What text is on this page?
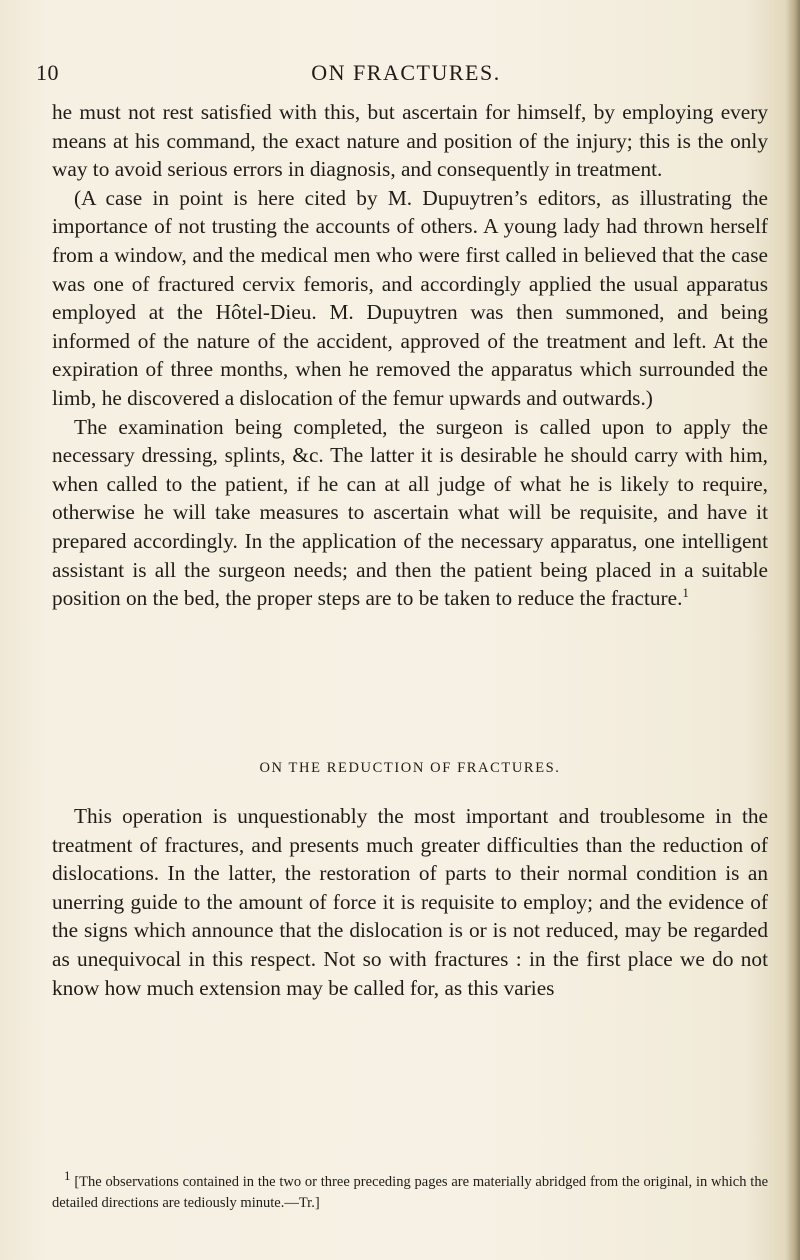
10	ON FRACTURES.

he must not rest satisfied with this, but ascertain for himself, by employing every means at his command, the exact nature and position of the injury; this is the only way to avoid serious errors in diagnosis, and consequently in treatment.

(A case in point is here cited by M. Dupuytren’s editors, as illustrating the importance of not trusting the accounts of others. A young lady had thrown herself from a window, and the medical men who were first called in believed that the case was one of fractured cervix femoris, and accordingly applied the usual apparatus employed at the Hôtel-Dieu. M. Dupuytren was then summoned, and being informed of the nature of the accident, approved of the treatment and left. At the expiration of three months, when he removed the apparatus which surrounded the limb, he discovered a dislocation of the femur upwards and outwards.)

The examination being completed, the surgeon is called upon to apply the necessary dressing, splints, &c. The latter it is desirable he should carry with him, when called to the patient, if he can at all judge of what he is likely to require, otherwise he will take measures to ascertain what will be requisite, and have it prepared accordingly. In the application of the necessary apparatus, one intelligent assistant is all the surgeon needs; and then the patient being placed in a suitable position on the bed, the proper steps are to be taken to reduce the fracture.$^1$

ON THE REDUCTION OF FRACTURES.

This operation is unquestionably the most important and troublesome in the treatment of fractures, and presents much greater difficulties than the reduction of dislocations. In the latter, the restoration of parts to their normal condition is an unerring guide to the amount of force it is requisite to employ; and the evidence of the signs which announce that the dislocation is or is not reduced, may be regarded as unequivocal in this respect. Not so with fractures : in the first place we do not know how much extension may be called for, as this varies

$^1$ [The observations contained in the two or three preceding pages are materially abridged from the original, in which the detailed directions are tediously minute.—Tr.]
